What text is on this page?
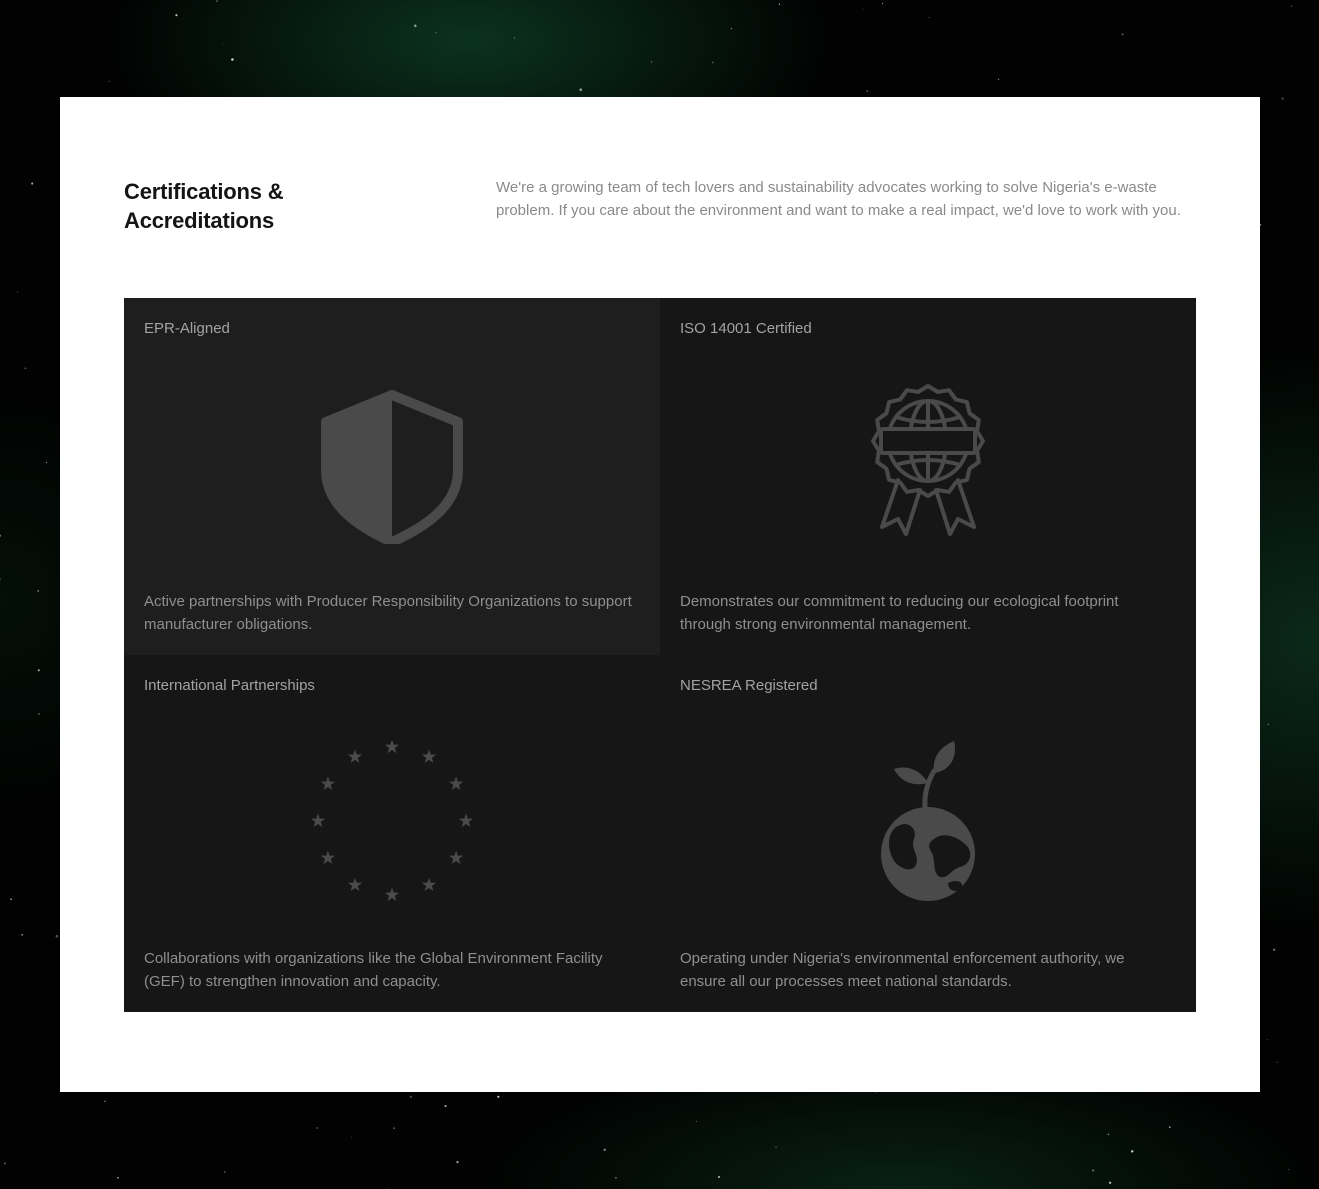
Certifications & Accreditations

We're a growing team of tech lovers and sustainability advocates working to solve Nigeria's e-waste problem. If you care about the environment and want to make a real impact, we'd love to work with you.

EPR-Aligned

Active partnerships with Producer Responsibility Organizations to support manufacturer obligations.

ISO 14001 Certified

Demonstrates our commitment to reducing our ecological footprint through strong environmental management.

International Partnerships

Collaborations with organizations like the Global Environment Facility (GEF) to strengthen innovation and capacity.

NESREA Registered

Operating under Nigeria's environmental enforcement authority, we ensure all our processes meet national standards.
